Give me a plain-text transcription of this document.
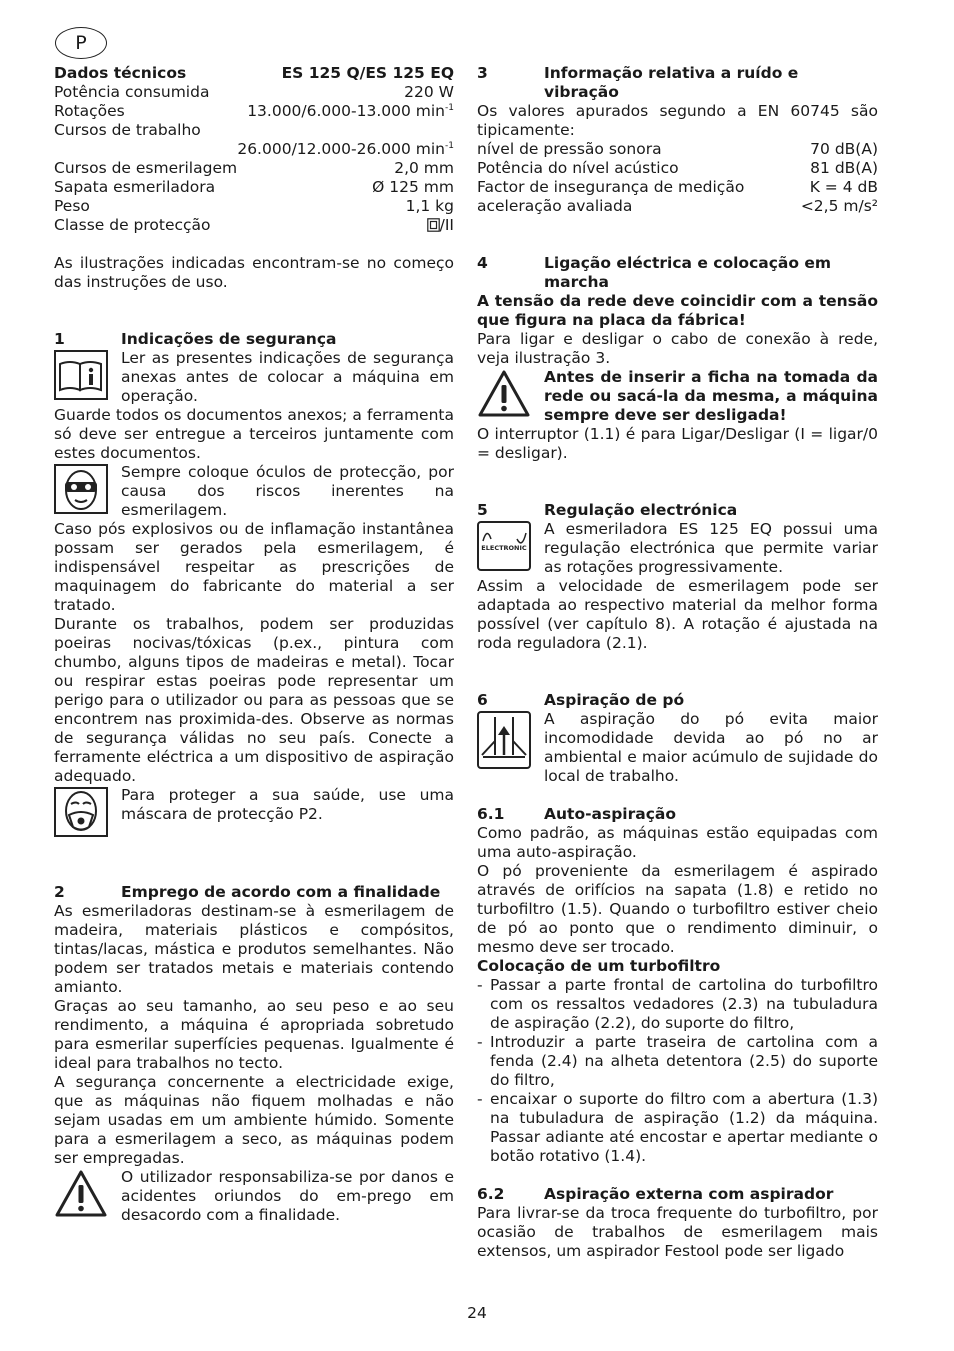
P
Dados técnicos	ES 125 Q/ES 125 EQ
Potência consumida	220 W
Rotações	13.000/6.000-13.000 $\min^{-1}$
Cursos de trabalho
26.000/12.000-26.000 $\min^{-1}$
Cursos de esmerilagem	2,0 mm
Sapata esmeriladora	Ø 125 mm
Peso	1,1 kg
Classe de protecção	/II

As ilustrações indicadas encontram-se no começo das instruções de uso.

1	Indicações de segurança

Ler as presentes indicações de segurança anexas antes de colocar a máquina em operação.

Guarde todos os documentos anexos; a ferramenta só deve ser entregue a terceiros juntamente com estes documentos.

Sempre coloque óculos de protecção, por causa dos riscos inerentes na esmerilagem.

Caso pós explosivos ou de inflamação instantânea possam ser gerados pela esmerilagem, é indispensável respeitar as prescrições de maquinagem do fabricante do material a ser tratado.

Durante os trabalhos, podem ser produzidas poeiras nocivas/tóxicas (p.ex., pintura com chumbo, alguns tipos de madeiras e metal). Tocar ou respirar estas poeiras pode representar um perigo para o utilizador ou para as pessoas que se encontrem nas proximida-des. Observe as normas de segurança válidas no seu país. Conecte a ferramente eléctrica a um dispositivo de aspiração adequado.

Para proteger a sua saúde, use uma máscara de protecção P2.

2	Emprego de acordo com a finalidade

As esmeriladoras destinam-se à esmerilagem de madeira, materiais plásticos e compósitos, tintas/lacas, mástica e produtos semelhantes. Não podem ser tratados metais e materiais contendo amianto.

Graças ao seu tamanho, ao seu peso e ao seu rendimento, a máquina é apropriada sobretudo para esmerilar superfícies pequenas. Igualmente é ideal para trabalhos no tecto.

A segurança concernente a electricidade exige, que as máquinas não fiquem molhadas e não sejam usadas em um ambiente húmido. Somente para a esmerilagem a seco, as máquinas podem ser empregadas.

O utilizador responsabiliza-se por danos e acidentes oriundos do em-prego em desacordo com a finalidade.

3	Informação relativa a ruído e vibração

Os valores apurados segundo a EN 60745 são tipicamente:

nível de pressão sonora	70 dB(A)
Potência do nível acústico	81 dB(A)
Factor de insegurança de medição	K = 4 dB
aceleração avaliada	<2,5 m/s²
4	Ligação eléctrica e colocação em marcha

A tensão da rede deve coincidir com a tensão que figura na placa da fábrica!

Para ligar e desligar o cabo de conexão à rede, veja ilustração 3.

Antes de inserir a ficha na tomada da rede ou sacá-la da mesma, a máquina sempre deve ser desligada!

O interruptor (1.1) é para Ligar/Desligar (I = ligar/0 = desligar).

5	Regulação electrónica
ELECTRONIC

A esmeriladora ES 125 EQ possui uma regulação electrónica que permite variar as rotações progressivamente.

Assim a velocidade de esmerilagem pode ser adaptada ao respectivo material da melhor forma possível (ver capítulo 8). A rotação é ajustada na roda reguladora (2.1).

6	Aspiração de pó

A aspiração do pó evita maior incomodidade devida ao pó no ar ambiental e maior acúmulo de sujidade do local de trabalho.

6.1	Auto-aspiração

Como padrão, as máquinas estão equipadas com uma auto-aspiração.

O pó proveniente da esmerilagem é aspirado através de orifícios na sapata (1.8) e retido no turbofiltro (1.5). Quando o turbofiltro estiver cheio de pó ao ponto que o rendimento diminuir, o mesmo deve ser trocado.

Colocação de um turbofiltro

- Passar a parte frontal de cartolina do turbofiltro com os ressaltos vedadores (2.3) na tubuladura de aspiração (2.2), do suporte do filtro,

- Introduzir a parte traseira de cartolina com a fenda (2.4) na alheta detentora (2.5) do suporte do filtro,

- encaixar o suporte do filtro com a abertura (1.3) na tubuladura de aspiração (1.2) da máquina. Passar adiante até encostar e apertar mediante o botão rotativo (1.4).

6.2	Aspiração externa com aspirador

Para livrar-se da troca frequente do turbofiltro, por ocasião de trabalhos de esmerilagem mais extensos, um aspirador Festool pode ser ligado

24
